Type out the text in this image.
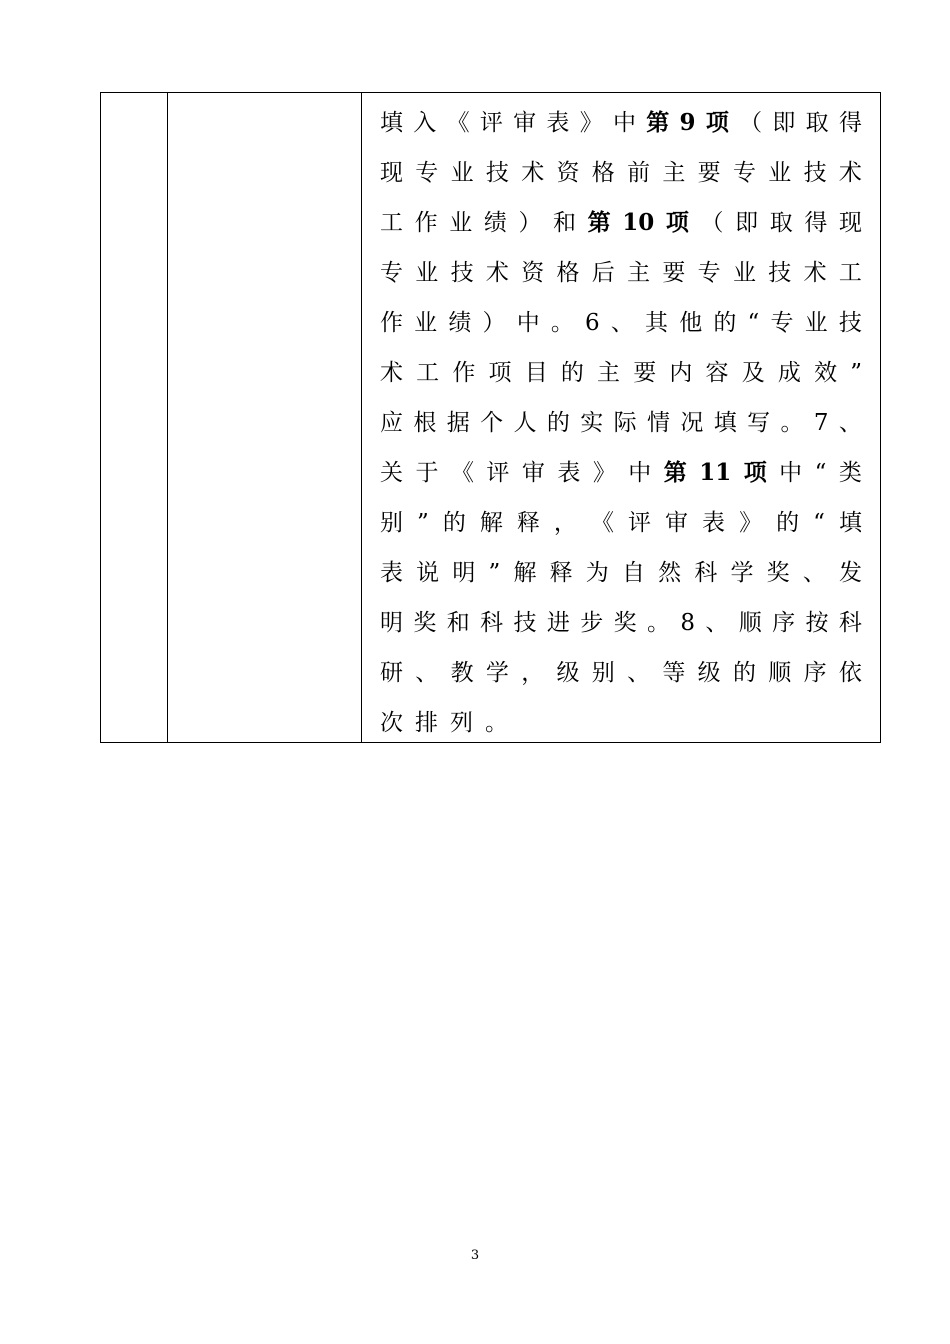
填 入 《 评 审 表 》 中 第 9 项 （ 即 取 得
现 专 业 技 术 资 格 前 主 要 专 业 技 术
工 作 业 绩 ） 和 第 10 项 （ 即 取 得 现
专 业 技 术 资 格 后 主 要 专 业 技 术 工
作 业 绩 ） 中 。 6 、 其 他 的 “ 专 业 技
术 工 作 项 目 的 主 要 内 容 及 成 效 ”
应 根 据 个 人 的 实 际 情 况 填 写 。 7 、
关 于 《 评 审 表 》 中 第 11 项 中 “ 类
别 ” 的 解 释 ， 《 评 审 表 》 的 “ 填
表 说 明 ” 解 释 为 自 然 科 学 奖 、 发
明 奖 和 科 技 进 步 奖 。 8 、 顺 序 按 科
研 、 教 学 ， 级 别 、 等 级 的 顺 序 依
次 排 列 。
3
